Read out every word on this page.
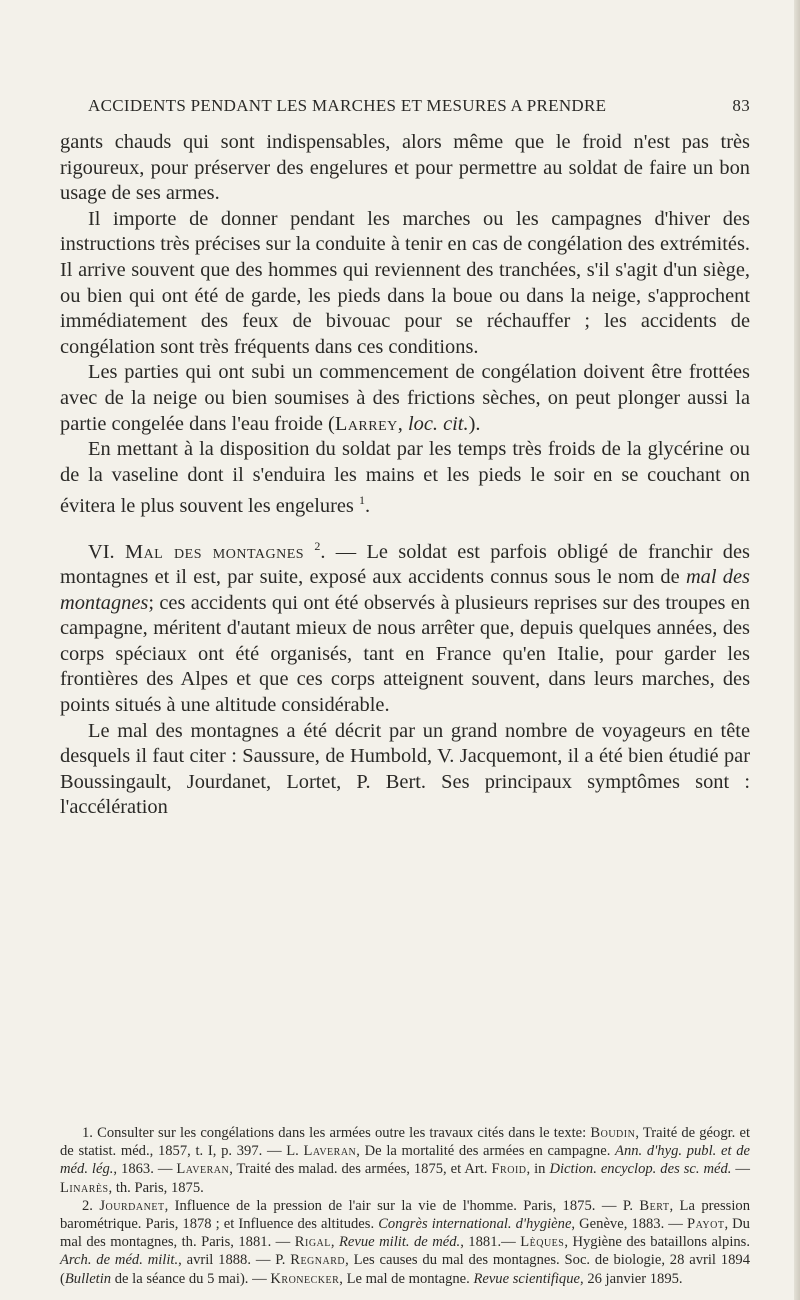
ACCIDENTS PENDANT LES MARCHES ET MESURES A PRENDRE	83

gants chauds qui sont indispensables, alors même que le froid n'est pas très rigoureux, pour préserver des engelures et pour permettre au soldat de faire un bon usage de ses armes.

Il importe de donner pendant les marches ou les campagnes d'hiver des instructions très précises sur la conduite à tenir en cas de congélation des extrémités. Il arrive souvent que des hommes qui reviennent des tranchées, s'il s'agit d'un siège, ou bien qui ont été de garde, les pieds dans la boue ou dans la neige, s'approchent immédiatement des feux de bivouac pour se réchauffer ; les accidents de congélation sont très fréquents dans ces conditions.

Les parties qui ont subi un commencement de congélation doivent être frottées avec de la neige ou bien soumises à des frictions sèches, on peut plonger aussi la partie congelée dans l'eau froide (Larrey, loc. cit.).

En mettant à la disposition du soldat par les temps très froids de la glycérine ou de la vaseline dont il s'enduira les mains et les pieds le soir en se couchant on évitera le plus souvent les engelures $^1$.

VI. Mal des montagnes $^2$. — Le soldat est parfois obligé de franchir des montagnes et il est, par suite, exposé aux accidents connus sous le nom de mal des montagnes; ces accidents qui ont été observés à plusieurs reprises sur des troupes en campagne, méritent d'autant mieux de nous arrêter que, depuis quelques années, des corps spéciaux ont été organisés, tant en France qu'en Italie, pour garder les frontières des Alpes et que ces corps atteignent souvent, dans leurs marches, des points situés à une altitude considérable.

Le mal des montagnes a été décrit par un grand nombre de voyageurs en tête desquels il faut citer : Saussure, de Humbold, V. Jacquemont, il a été bien étudié par Boussingault, Jourdanet, Lortet, P. Bert. Ses principaux symptômes sont : l'accélération

1. Consulter sur les congélations dans les armées outre les travaux cités dans le texte: Boudin, Traité de géogr. et de statist. méd., 1857, t. I, p. 397. — L. Laveran, De la mortalité des armées en campagne. Ann. d'hyg. publ. et de méd. lég., 1863. — Laveran, Traité des malad. des armées, 1875, et Art. Froid, in Diction. encyclop. des sc. méd. — Linarès, th. Paris, 1875.

2. Jourdanet, Influence de la pression de l'air sur la vie de l'homme. Paris, 1875. — P. Bert, La pression barométrique. Paris, 1878 ; et Influence des altitudes. Congrès international. d'hygiène, Genève, 1883. — Payot, Du mal des montagnes, th. Paris, 1881. — Rigal, Revue milit. de méd., 1881.— Lèques, Hygiène des bataillons alpins. Arch. de méd. milit., avril 1888. — P. Regnard, Les causes du mal des montagnes. Soc. de biologie, 28 avril 1894 (Bulletin de la séance du 5 mai). — Kronecker, Le mal de montagne. Revue scientifique, 26 janvier 1895.
